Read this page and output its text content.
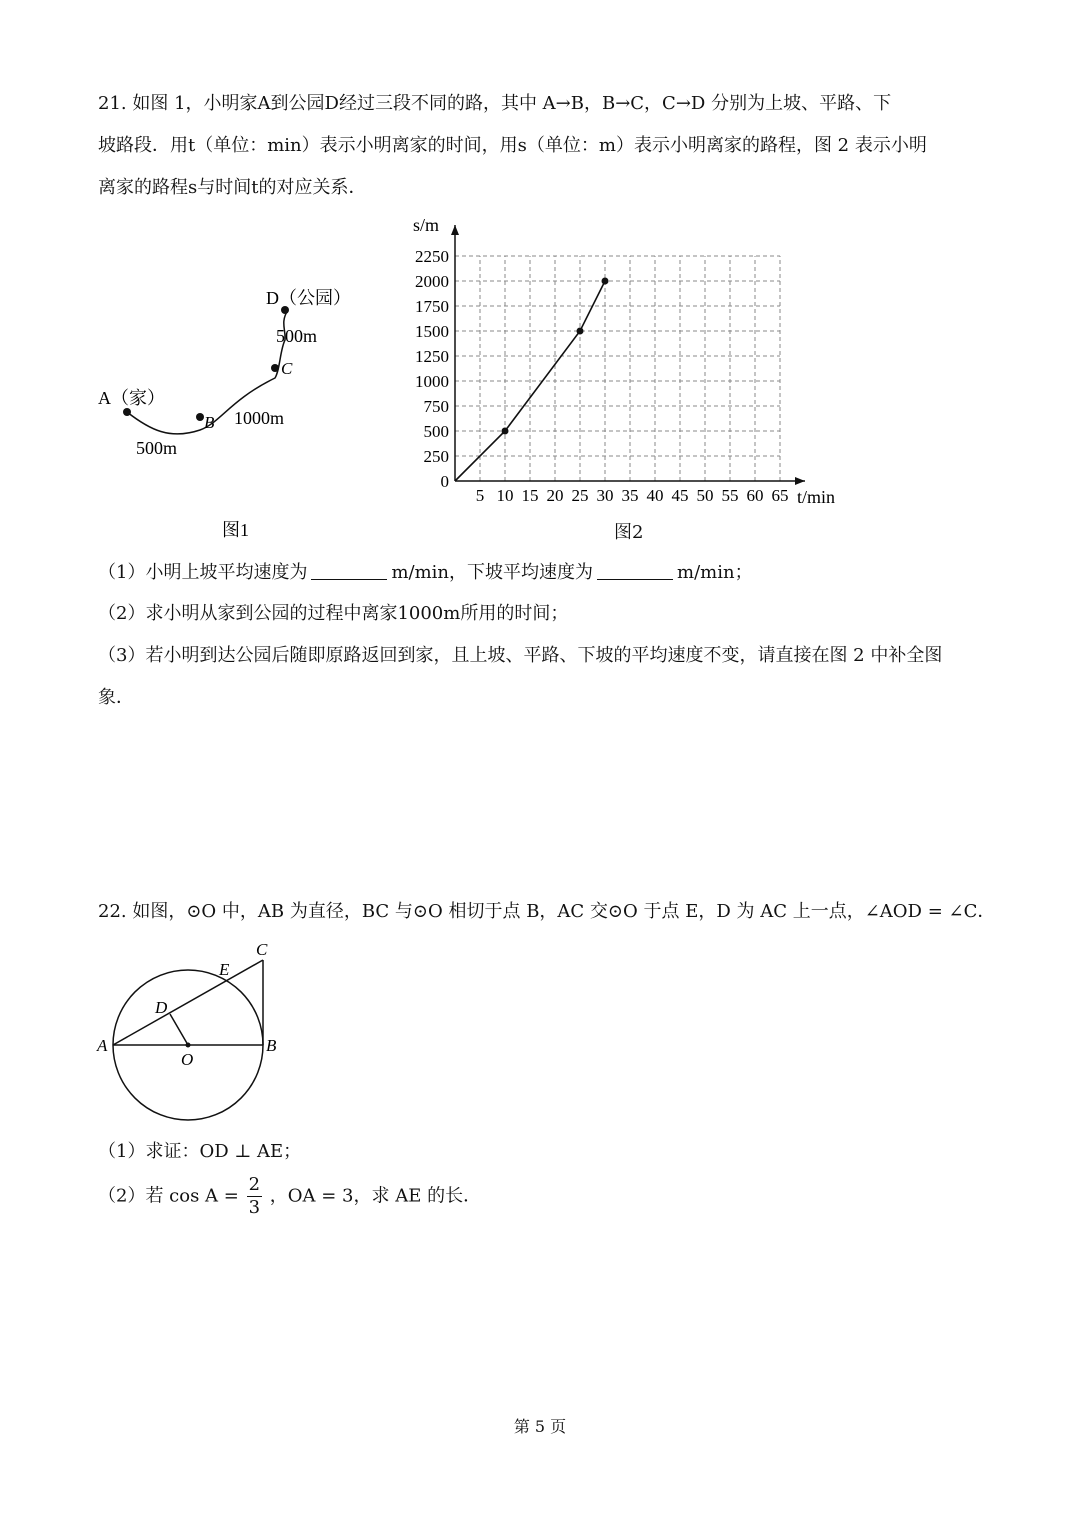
21. 如图 1，小明家A到公园D经过三段不同的路，其中 A→B，B→C，C→D 分别为上坡、平路、下
坡路段．用t（单位：min）表示小明离家的时间，用s（单位：m）表示小明离家的路程，图 2 表示小明
离家的路程s与时间t的对应关系．
A（家）
B
C
D（公园）
500m
1000m
500m
图1
5 10 15 20 25 30 35 40 45 50 55 60 65
250
500
750
1000
1250
1500
1750
2000
2250
0
s/m
t/min
图2
（1）小明上坡平均速度为	m/min，下坡平均速度为	m/min；
（2）求小明从家到公园的过程中离家1000m所用的时间；
（3）若小明到达公园后随即原路返回到家，且上坡、平路、下坡的平均速度不变，请直接在图 2 中补全图
象．
22. 如图，⊙O 中，AB 为直径，BC 与⊙O 相切于点 B，AC 交⊙O 于点 E，D 为 AC 上一点，∠AOD = ∠C．
A	B
C
D
E
O
（1）求证：OD ⊥ AE；
（2）若 $\cos A = \frac{2}{3}$ ，OA = 3，求 AE 的长．
第 5 页
